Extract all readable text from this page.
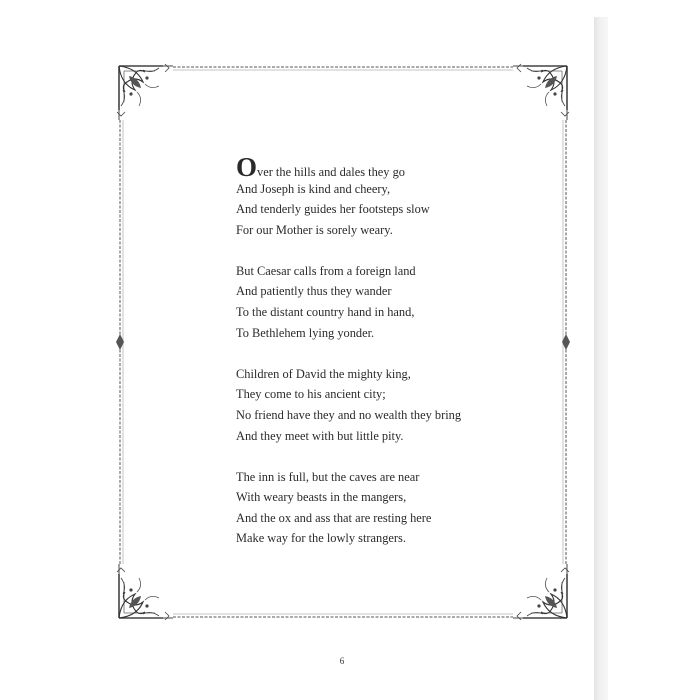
Over the hills and dales they go
And Joseph is kind and cheery,
And tenderly guides her footsteps slow
For our Mother is sorely weary.
But Caesar calls from a foreign land
And patiently thus they wander
To the distant country hand in hand,
To Bethlehem lying yonder.
Children of David the mighty king,
They come to his ancient city;
No friend have they and no wealth they bring
And they meet with but little pity.
The inn is full, but the caves are near
With weary beasts in the mangers,
And the ox and ass that are resting here
Make way for the lowly strangers.
6
